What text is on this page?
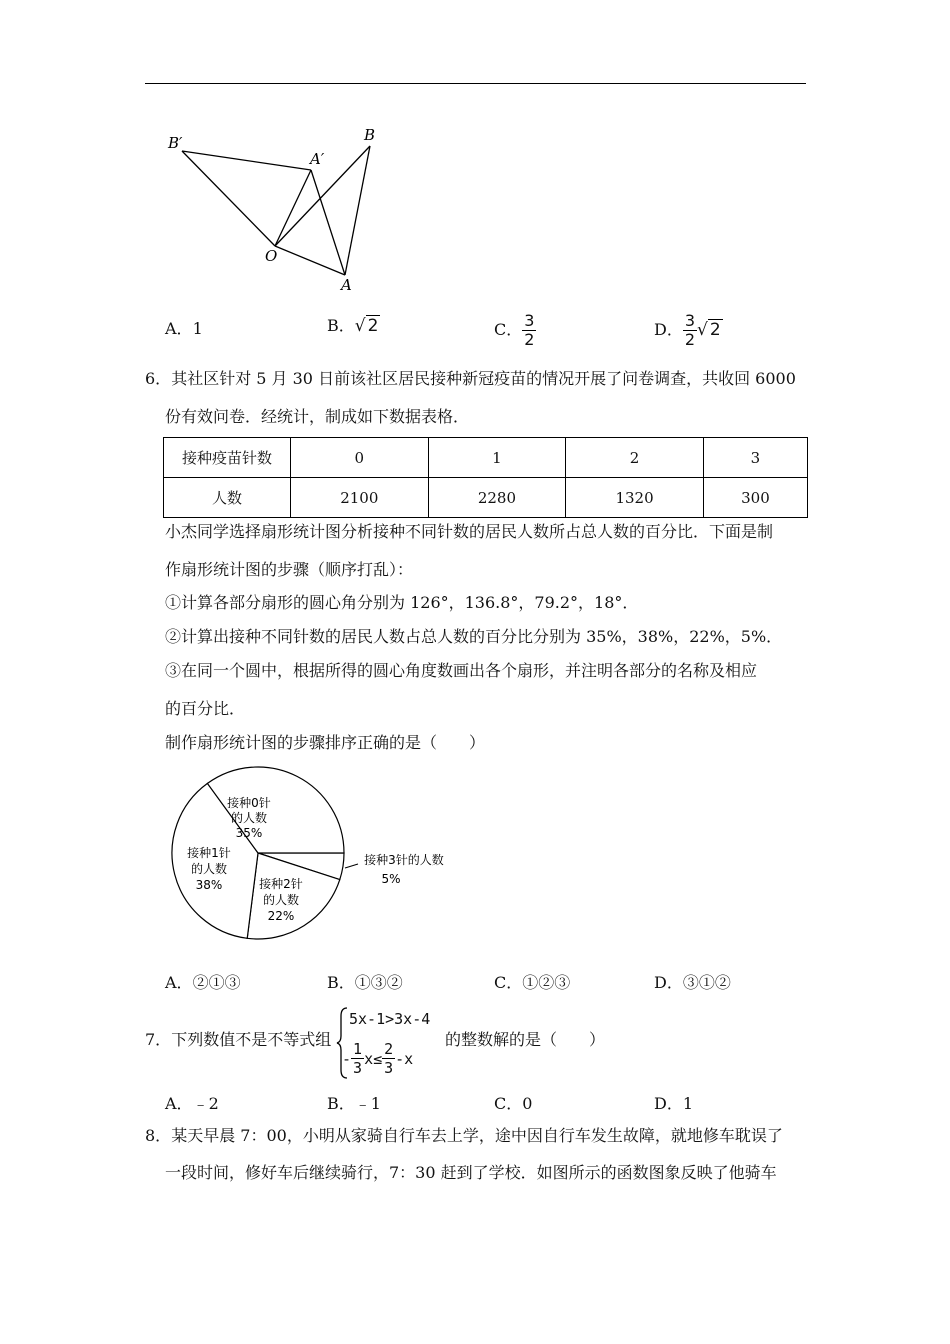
B′
A′
B
O
A
A．1	B．√ 2	C． $\frac{3}{2}$	D． $\frac{3}{2}$ √ 2
6．其社区针对 5 月 30 日前该社区居民接种新冠疫苗的情况开展了问卷调查，共收回 6000
份有效问卷．经统计，制成如下数据表格．
接种疫苗针数	0	1	2	3
人数	2100	2280	1320	300
小杰同学选择扇形统计图分析接种不同针数的居民人数所占总人数的百分比．下面是制
作扇形统计图的步骤（顺序打乱）：
①计算各部分扇形的圆心角分别为 126°，136.8°，79.2°，18°．
②计算出接种不同针数的居民人数占总人数的百分比分别为 35%，38%，22%，5%．
③在同一个圆中，根据所得的圆心角度数画出各个扇形，并注明各部分的名称及相应
的百分比．
制作扇形统计图的步骤排序正确的是（　　）
接种0针
的人数
35%
接种1针
的人数
38%	接种2针
的人数
22%
接种3针的人数
5%
A．②①③	B．①③②	C．①②③	D．③①②
7．下列数值不是不等式组
5x-1>3x-4
- $\frac{1}{3} x\le \frac{2}{3} -x$
的整数解的是（　　）
A．﹣2	B．﹣1	C．0	D．1
8．某天早晨 7：00，小明从家骑自行车去上学，途中因自行车发生故障，就地修车耽误了
一段时间，修好车后继续骑行，7：30 赶到了学校．如图所示的函数图象反映了他骑车
